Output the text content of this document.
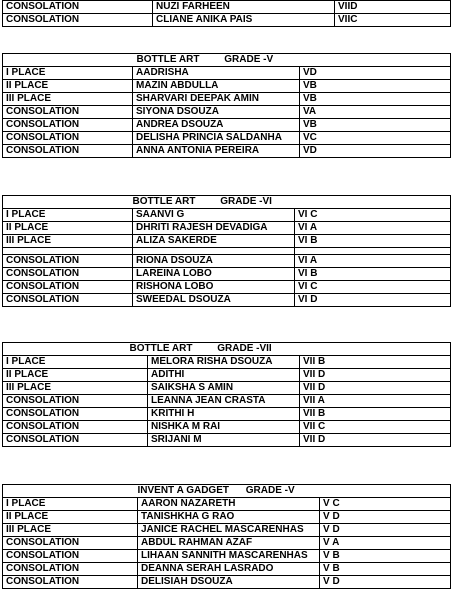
CONSOLATION	NUZI FARHEEN	VIID
CONSOLATION	CLIANE ANIKA PAIS	VIIC
	BOTTLE ART GRADE -V	
I PLACE	AADRISHA	VD
II PLACE	MAZIN ABDULLA	VB
III PLACE	SHARVARI DEEPAK AMIN	VB
CONSOLATION	SIYONA DSOUZA	VA
CONSOLATION	ANDREA DSOUZA	VB
CONSOLATION	DELISHA PRINCIA SALDANHA	VC
CONSOLATION	ANNA ANTONIA PEREIRA	VD
	BOTTLE ART GRADE -VI	
I PLACE	SAANVI G	VI C
II PLACE	DHRITI RAJESH DEVADIGA	VI A
III PLACE	ALIZA SAKERDE	VI B

CONSOLATION	RIONA DSOUZA	VI A
CONSOLATION	LAREINA LOBO	VI B
CONSOLATION	RISHONA LOBO	VI C
CONSOLATION	SWEEDAL DSOUZA	VI D
	BOTTLE ART GRADE -VII	
I PLACE	MELORA RISHA DSOUZA	VII B
II PLACE	ADITHI	VII D
III PLACE	SAIKSHA S AMIN	VII D
CONSOLATION	LEANNA JEAN CRASTA	VII A
CONSOLATION	KRITHI H	VII B
CONSOLATION	NISHKA M RAI	VII C
CONSOLATION	SRIJANI M	VII D
	INVENT A GADGET GRADE -V	
I PLACE	AARON NAZARETH	V C
II PLACE	TANISHKHA G RAO	V D
III PLACE	JANICE RACHEL MASCARENHAS	V D
CONSOLATION	ABDUL RAHMAN AZAF	V A
CONSOLATION	LIHAAN SANNITH MASCARENHAS	V B
CONSOLATION	DEANNA SERAH LASRADO	V B
CONSOLATION	DELISIAH DSOUZA	V D
